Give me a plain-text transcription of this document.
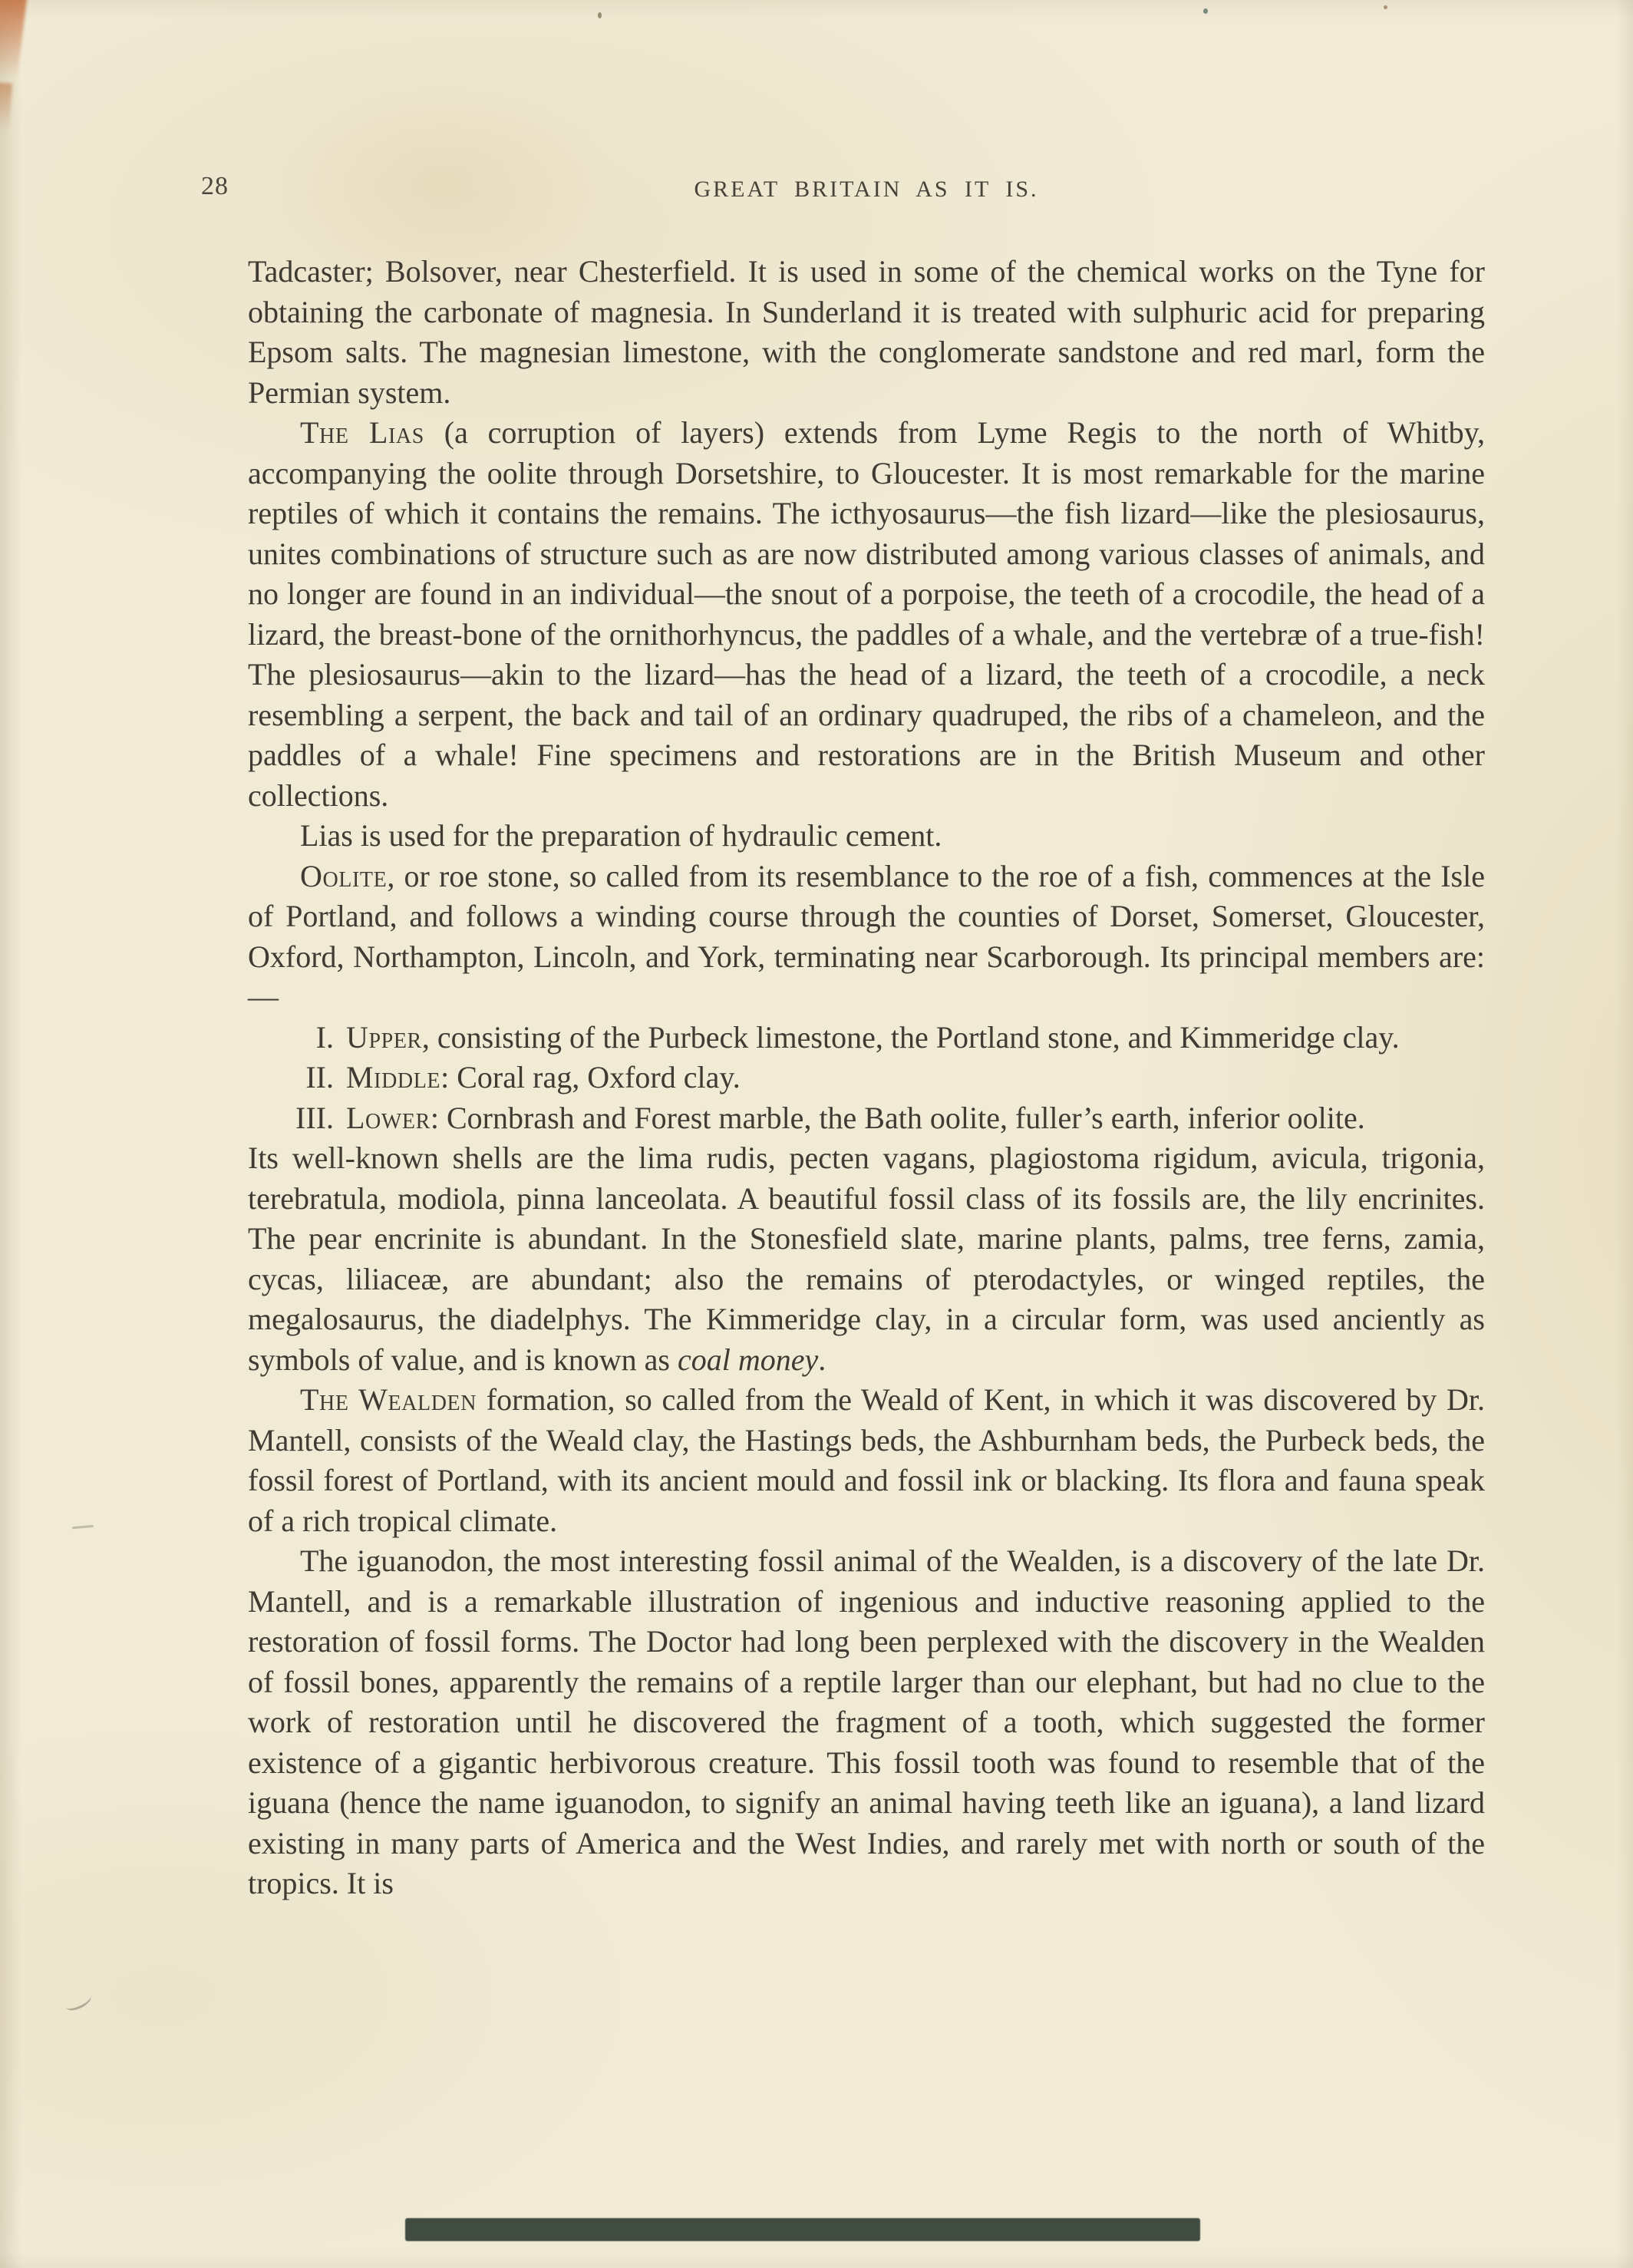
28	GREAT BRITAIN AS IT IS.

Tadcaster; Bolsover, near Chesterfield. It is used in some of the chemical works on the Tyne for obtaining the carbonate of magnesia. In Sunderland it is treated with sulphuric acid for preparing Epsom salts. The magnesian limestone, with the conglomerate sandstone and red marl, form the Permian system.

The Lias (a corruption of layers) extends from Lyme Regis to the north of Whitby, accompanying the oolite through Dorsetshire, to Gloucester. It is most remarkable for the marine reptiles of which it contains the remains. The icthyosaurus—the fish lizard—like the plesiosaurus, unites combinations of structure such as are now distributed among various classes of animals, and no longer are found in an individual—the snout of a porpoise, the teeth of a crocodile, the head of a lizard, the breast-bone of the ornithorhyncus, the paddles of a whale, and the vertebræ of a true-fish! The plesiosaurus—akin to the lizard—has the head of a lizard, the teeth of a crocodile, a neck resembling a serpent, the back and tail of an ordinary quadruped, the ribs of a chameleon, and the paddles of a whale! Fine specimens and restorations are in the British Museum and other collections.

Lias is used for the preparation of hydraulic cement.

Oolite, or roe stone, so called from its resemblance to the roe of a fish, commences at the Isle of Portland, and follows a winding course through the counties of Dorset, Somerset, Gloucester, Oxford, Northampton, Lincoln, and York, terminating near Scarborough. Its principal members are:—

I. Upper, consisting of the Purbeck limestone, the Portland stone, and Kimmeridge clay.
II. Middle: Coral rag, Oxford clay.
III. Lower: Cornbrash and Forest marble, the Bath oolite, fuller’s earth, inferior oolite.

Its well-known shells are the lima rudis, pecten vagans, plagiostoma rigidum, avicula, trigonia, terebratula, modiola, pinna lanceolata. A beautiful fossil class of its fossils are, the lily encrinites. The pear encrinite is abundant. In the Stonesfield slate, marine plants, palms, tree ferns, zamia, cycas, liliaceæ, are abundant; also the remains of pterodactyles, or winged reptiles, the megalosaurus, the diadelphys. The Kimmeridge clay, in a circular form, was used anciently as symbols of value, and is known as coal money.

The Wealden formation, so called from the Weald of Kent, in which it was discovered by Dr. Mantell, consists of the Weald clay, the Hastings beds, the Ashburnham beds, the Purbeck beds, the fossil forest of Portland, with its ancient mould and fossil ink or blacking. Its flora and fauna speak of a rich tropical climate.

The iguanodon, the most interesting fossil animal of the Wealden, is a discovery of the late Dr. Mantell, and is a remarkable illustration of ingenious and inductive reasoning applied to the restoration of fossil forms. The Doctor had long been perplexed with the discovery in the Wealden of fossil bones, apparently the remains of a reptile larger than our elephant, but had no clue to the work of restoration until he discovered the fragment of a tooth, which suggested the former existence of a gigantic herbivorous creature. This fossil tooth was found to resemble that of the iguana (hence the name iguanodon, to signify an animal having teeth like an iguana), a land lizard existing in many parts of America and the West Indies, and rarely met with north or south of the tropics. It is
